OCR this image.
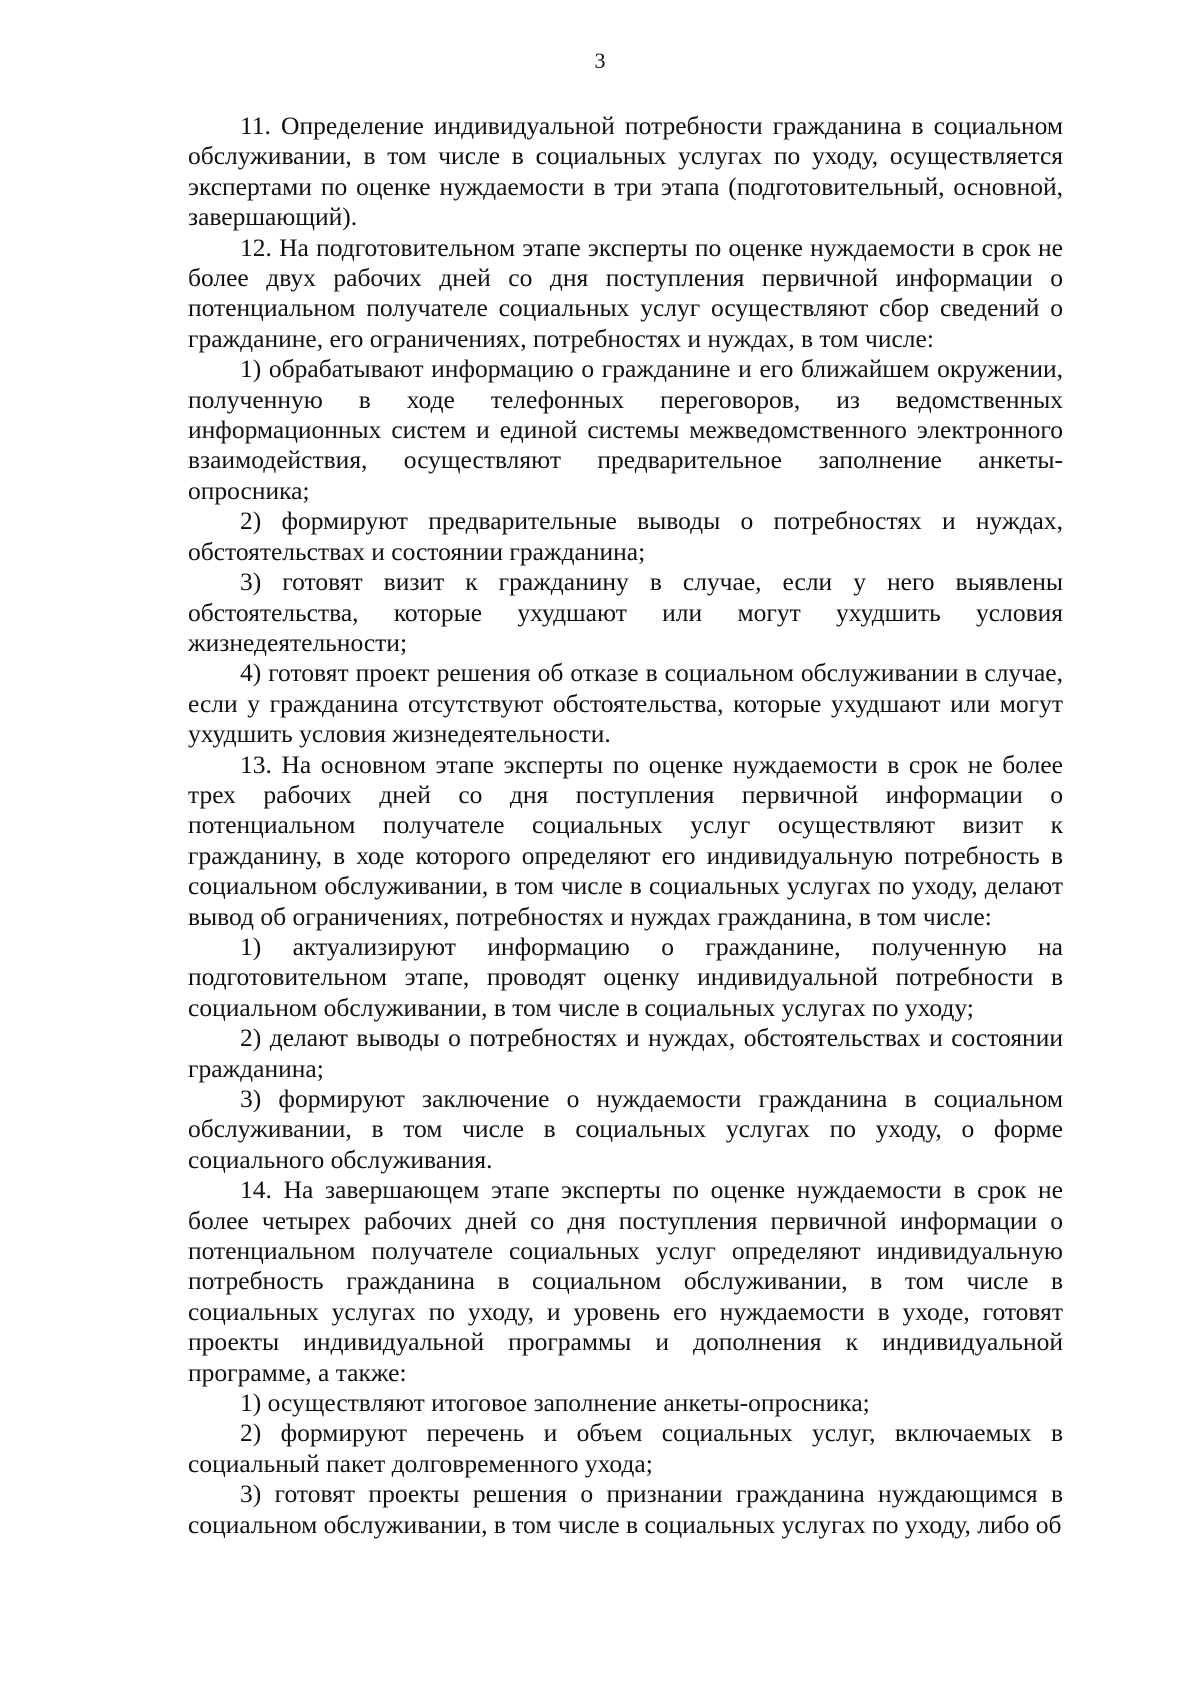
3

11. Определение индивидуальной потребности гражданина в социальном обслуживании, в том числе в социальных услугах по уходу, осуществляется экспертами по оценке нуждаемости в три этапа (подготовительный, основной, завершающий).

12. На подготовительном этапе эксперты по оценке нуждаемости в срок не более двух рабочих дней со дня поступления первичной информации о потенциальном получателе социальных услуг осуществляют сбор сведений о гражданине, его ограничениях, потребностях и нуждах, в том числе:

1) обрабатывают информацию о гражданине и его ближайшем окружении, полученную в ходе телефонных переговоров, из ведомственных информационных систем и единой системы межведомственного электронного взаимодействия, осуществляют предварительное заполнение анкеты-опросника;

2) формируют предварительные выводы о потребностях и нуждах, обстоятельствах и состоянии гражданина;

3) готовят визит к гражданину в случае, если у него выявлены обстоятельства, которые ухудшают или могут ухудшить условия жизнедеятельности;

4) готовят проект решения об отказе в социальном обслуживании в случае, если у гражданина отсутствуют обстоятельства, которые ухудшают или могут ухудшить условия жизнедеятельности.

13. На основном этапе эксперты по оценке нуждаемости в срок не более трех рабочих дней со дня поступления первичной информации о потенциальном получателе социальных услуг осуществляют визит к гражданину, в ходе которого определяют его индивидуальную потребность в социальном обслуживании, в том числе в социальных услугах по уходу, делают вывод об ограничениях, потребностях и нуждах гражданина, в том числе:

1) актуализируют информацию о гражданине, полученную на подготовительном этапе, проводят оценку индивидуальной потребности в социальном обслуживании, в том числе в социальных услугах по уходу;

2) делают выводы о потребностях и нуждах, обстоятельствах и состоянии гражданина;

3) формируют заключение о нуждаемости гражданина в социальном обслуживании, в том числе в социальных услугах по уходу, о форме социального обслуживания.

14. На завершающем этапе эксперты по оценке нуждаемости в срок не более четырех рабочих дней со дня поступления первичной информации о потенциальном получателе социальных услуг определяют индивидуальную потребность гражданина в социальном обслуживании, в том числе в социальных услугах по уходу, и уровень его нуждаемости в уходе, готовят проекты индивидуальной программы и дополнения к индивидуальной программе, а также:

1) осуществляют итоговое заполнение анкеты-опросника;

2) формируют перечень и объем социальных услуг, включаемых в социальный пакет долговременного ухода;

3) готовят проекты решения о признании гражданина нуждающимся в социальном обслуживании, в том числе в социальных услугах по уходу, либо об
